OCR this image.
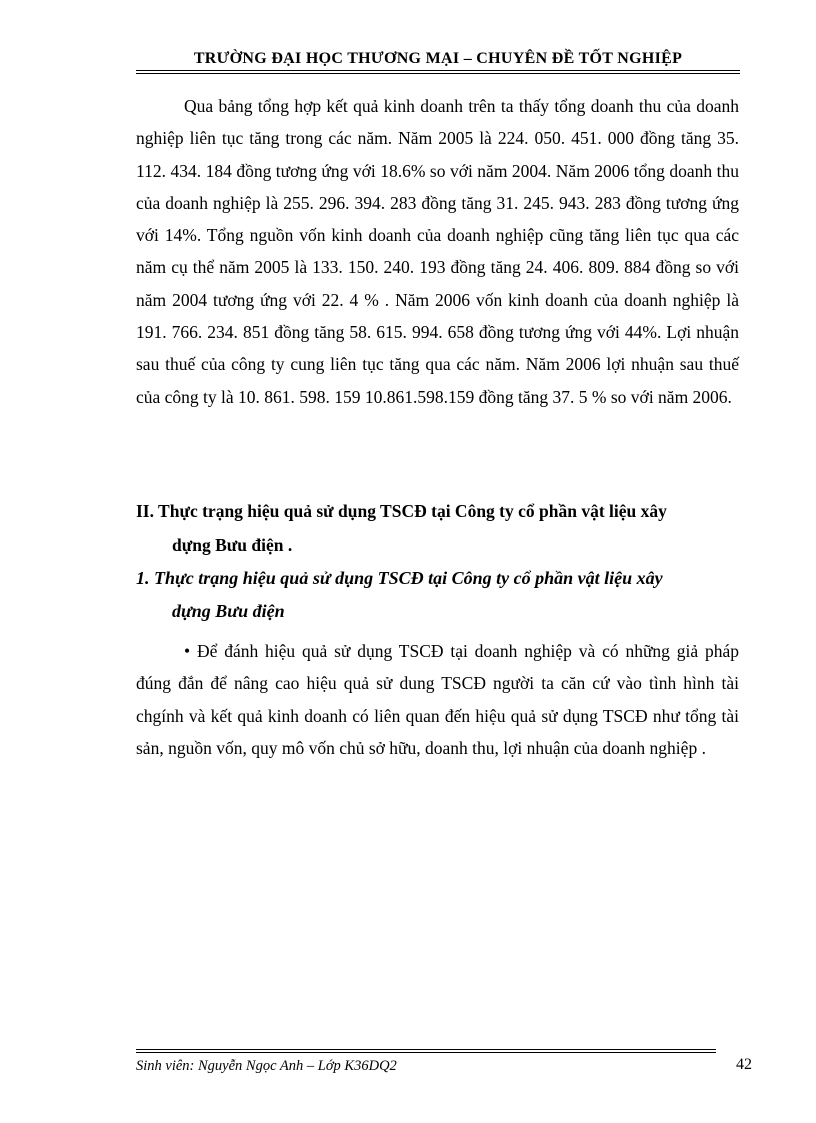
TRƯỜNG ĐẠI HỌC THƯƠNG MẠI – CHUYÊN ĐỀ TỐT NGHIỆP

Qua bảng tổng hợp kết quả kinh doanh trên ta thấy tổng doanh thu của doanh nghiệp liên tục tăng trong các năm. Năm 2005 là 224. 050. 451. 000 đồng tăng 35. 112. 434. 184 đồng tương ứng với 18.6% so với năm 2004. Năm 2006 tổng doanh thu của doanh nghiệp là 255. 296. 394. 283 đồng tăng 31. 245. 943. 283 đồng tương ứng với 14%. Tổng nguồn vốn kinh doanh của doanh nghiệp cũng tăng liên tục qua các năm cụ thể năm 2005 là 133. 150. 240. 193 đồng tăng 24. 406. 809. 884 đồng so với năm 2004 tương ứng với 22. 4 % . Năm 2006 vốn kinh doanh của doanh nghiệp là 191. 766. 234. 851 đồng tăng 58. 615. 994. 658 đồng tương ứng với 44%. Lợi nhuận sau thuế của công ty cung liên tục tăng qua các năm. Năm 2006 lợi nhuận sau thuế của công ty là 10. 861. 598. 159 10.861.598.159 đồng tăng 37. 5 % so với năm 2006.

II. Thực trạng hiệu quả sử dụng TSCĐ tại Công ty cổ phần vật liệu xây
dựng Bưu điện .

1. Thực trạng hiệu quả sử dụng TSCĐ tại Công ty cổ phần vật liệu xây
dựng Bưu điện

• Để đánh hiệu quả sử dụng TSCĐ tại doanh nghiệp và có những giả pháp đúng đắn để nâng cao hiệu quả sử dung TSCĐ người ta căn cứ vào tình hình tài chgính và kết quả kinh doanh có liên quan đến hiệu quả sử dụng TSCĐ như tổng tài sản, nguồn vốn, quy mô vốn chủ sở hữu, doanh thu, lợi nhuận của doanh nghiệp .

Sinh viên: Nguyễn Ngọc Anh – Lớp K36DQ2	42
